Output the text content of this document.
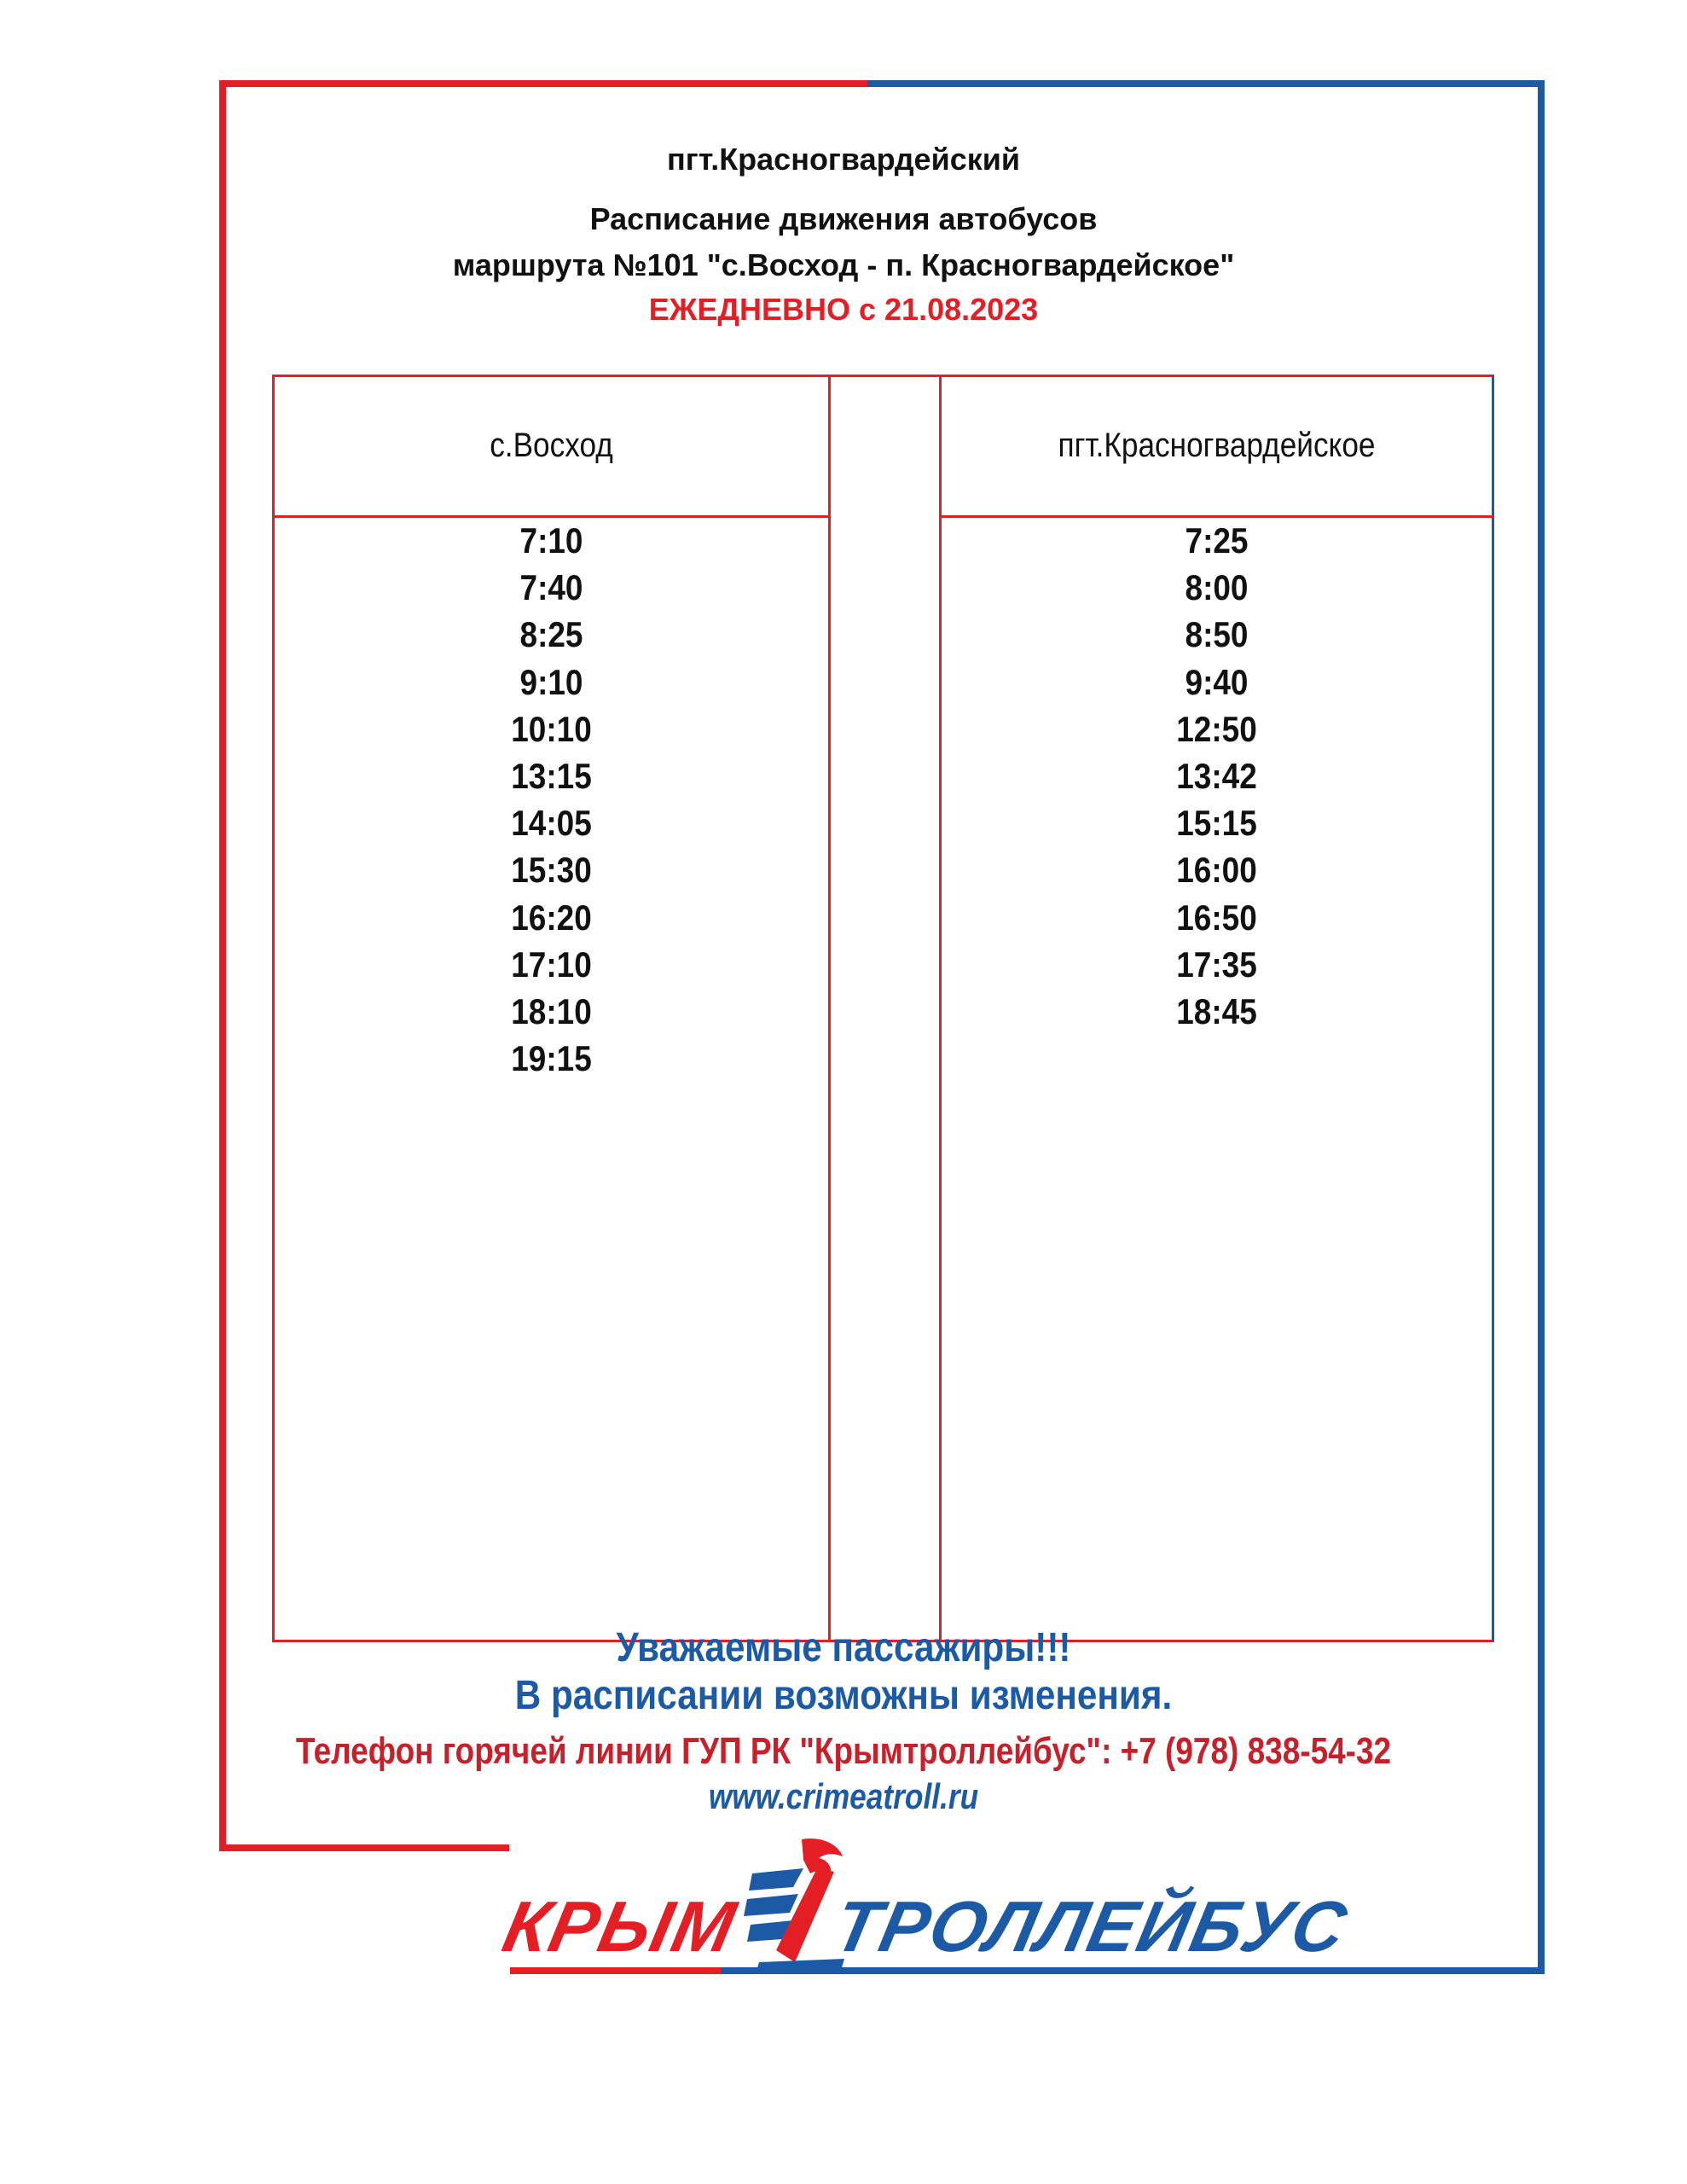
пгт.Красногвардейский
Расписание движения автобусов
маршрута №101 "с.Восход - п. Красногвардейское"
ЕЖЕДНЕВНО с 21.08.2023
с.Восход	пгт.Красногвардейское
7:10
7:40
8:25
9:10
10:10
13:15
14:05
15:30
16:20
17:10
18:10
19:15
7:25
8:00
8:50
9:40
12:50
13:42
15:15
16:00
16:50
17:35
18:45
Уважаемые пассажиры!!!
В расписании возможны изменения.
Телефон горячей линии ГУП РК "Крымтроллейбус": +7 (978) 838-54-32
www.crimeatroll.ru
КРЫМ ТРОЛЛЕЙБУС
